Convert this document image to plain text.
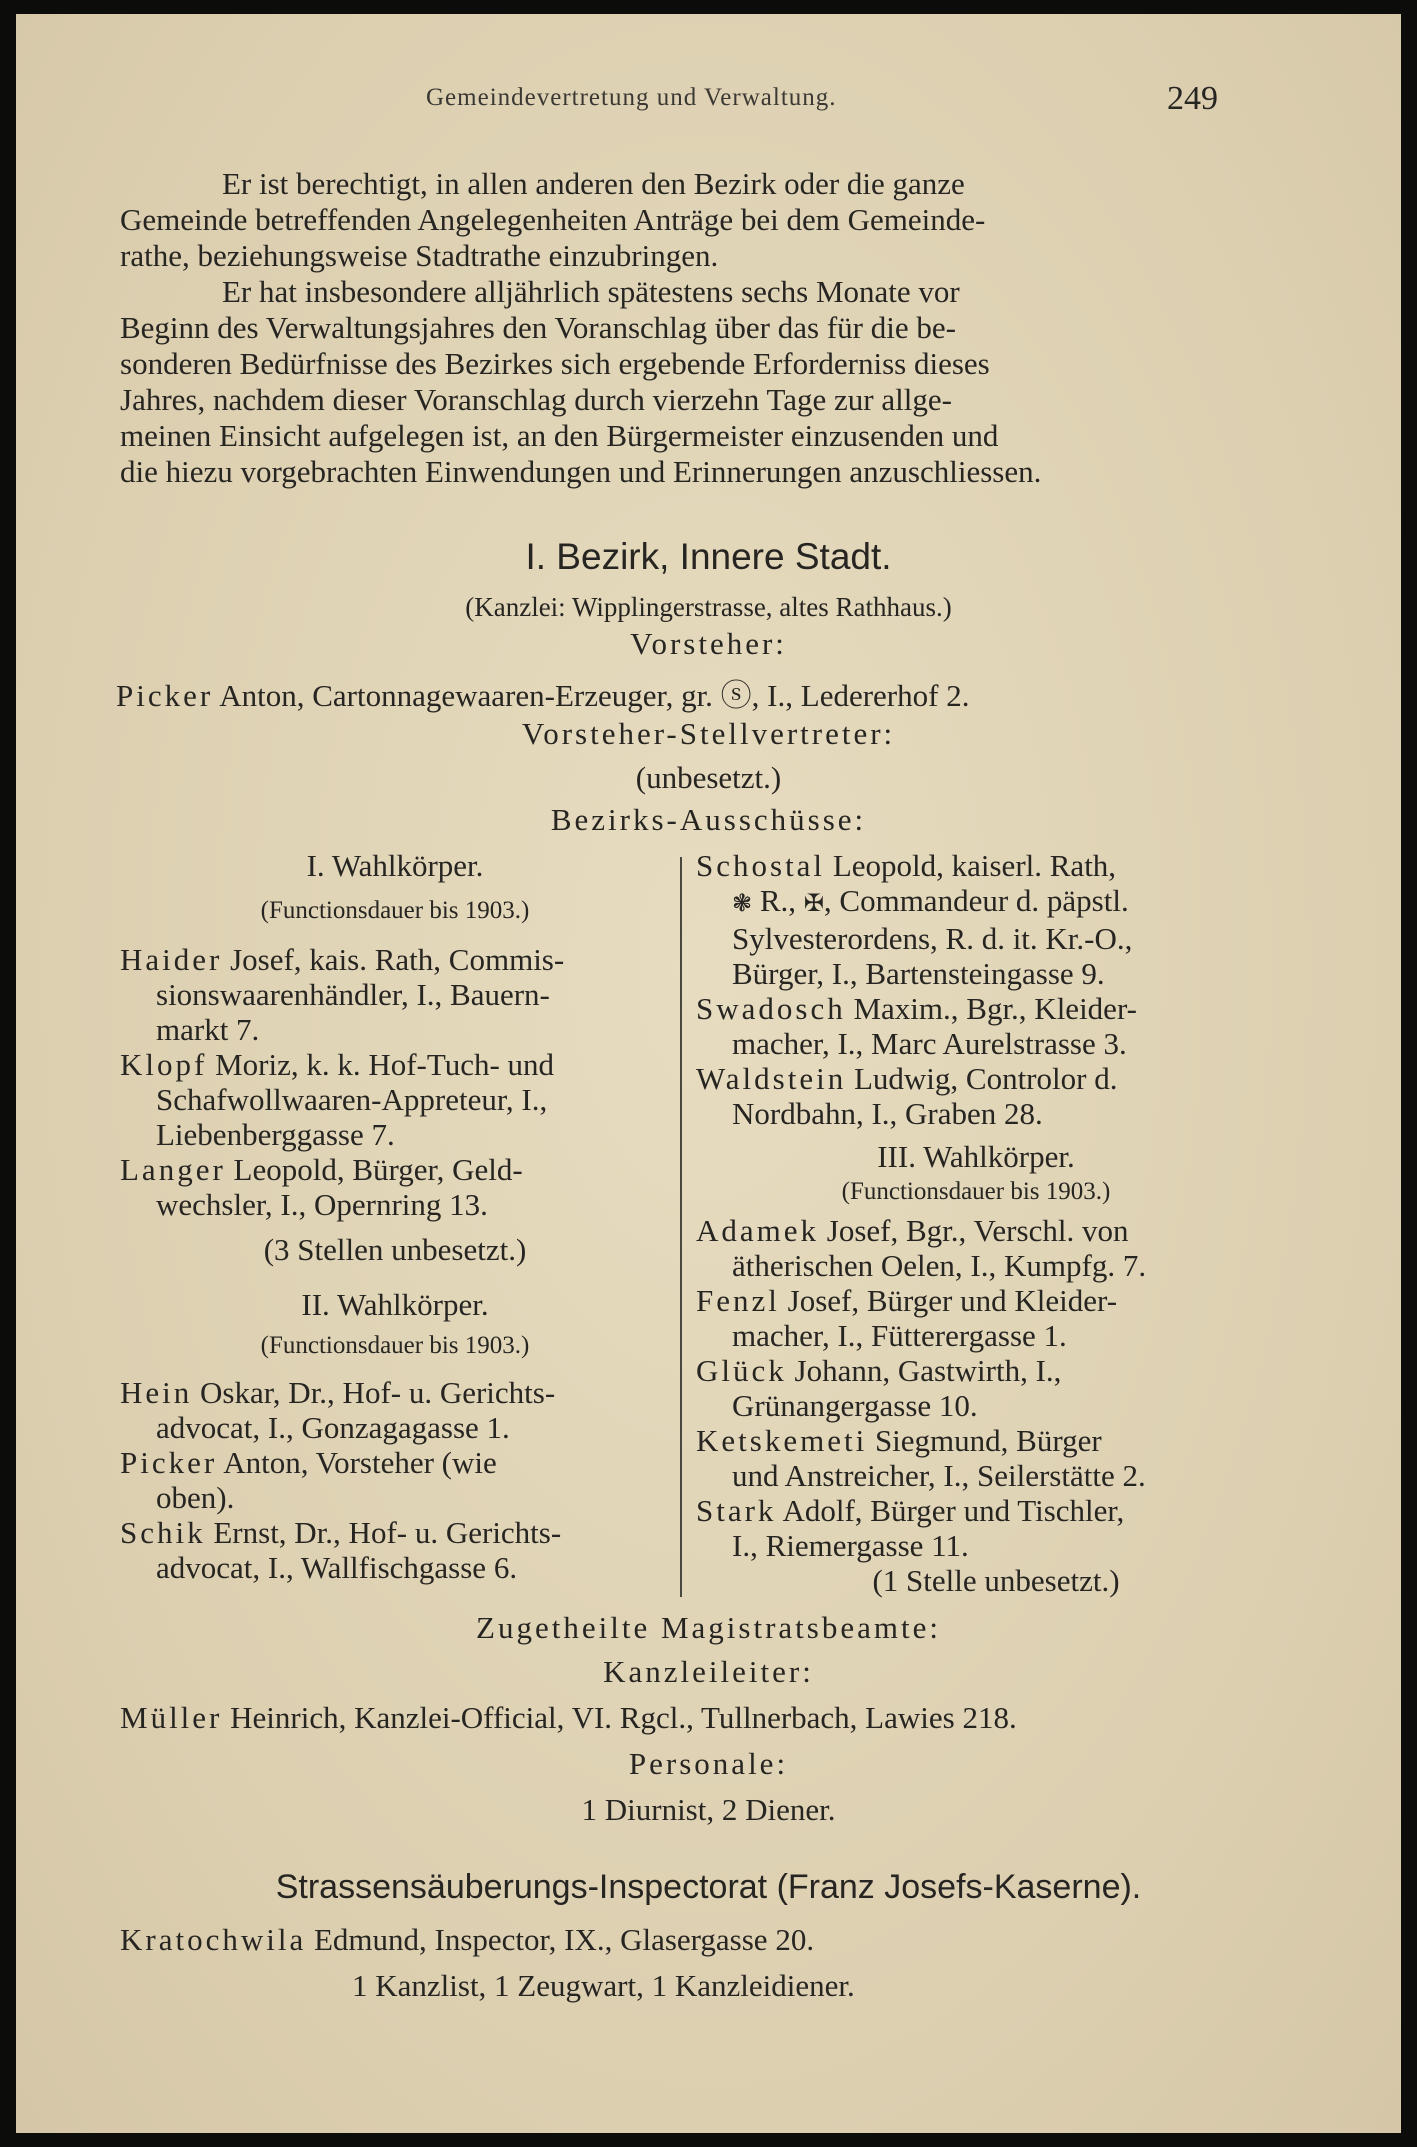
Gemeindevertretung und Verwaltung.	249
Er ist berechtigt, in allen anderen den Bezirk oder die ganze
Gemeinde betreffenden Angelegenheiten Anträge bei dem Gemeinde-
rathe, beziehungsweise Stadtrathe einzubringen.
Er hat insbesondere alljährlich spätestens sechs Monate vor
Beginn des Verwaltungsjahres den Voranschlag über das für die be-
sonderen Bedürfnisse des Bezirkes sich ergebende Erforderniss dieses
Jahres, nachdem dieser Voranschlag durch vierzehn Tage zur allge-
meinen Einsicht aufgelegen ist, an den Bürgermeister einzusenden und
die hiezu vorgebrachten Einwendungen und Erinnerungen anzuschliessen.
I. Bezirk, Innere Stadt.
(Kanzlei: Wipplingerstrasse, altes Rathhaus.)
Vorsteher:
Picker Anton, Cartonnagewaaren-Erzeuger, gr. ⓢ, I., Ledererhof 2.
Vorsteher-Stellvertreter:
(unbesetzt.)
Bezirks-Ausschüsse:

I. Wahlkörper.

(Functionsdauer bis 1903.)

Haider Josef, kais. Rath, Commis-
sionswaarenhändler, I., Bauern-
markt 7.

Klopf Moriz, k. k. Hof-Tuch- und
Schafwollwaaren-Appreteur, I.,
Liebenberggasse 7.

Langer Leopold, Bürger, Geld-
wechsler, I., Opernring 13.

(3 Stellen unbesetzt.)

II. Wahlkörper.

(Functionsdauer bis 1903.)

Hein Oskar, Dr., Hof- u. Gerichts-
advocat, I., Gonzagagasse 1.

Picker Anton, Vorsteher (wie
oben).

Schik Ernst, Dr., Hof- u. Gerichts-
advocat, I., Wallfischgasse 6.

Schostal Leopold, kaiserl. Rath,
❃ R., ✠, Commandeur d. päpstl.
Sylvesterordens, R. d. it. Kr.-O.,
Bürger, I., Bartensteingasse 9.

Swadosch Maxim., Bgr., Kleider-
macher, I., Marc Aurelstrasse 3.

Waldstein Ludwig, Controlor d.
Nordbahn, I., Graben 28.

III. Wahlkörper.

(Functionsdauer bis 1903.)

Adamek Josef, Bgr., Verschl. von
ätherischen Oelen, I., Kumpfg. 7.

Fenzl Josef, Bürger und Kleider-
macher, I., Fütterergasse 1.

Glück Johann, Gastwirth, I.,
Grünangergasse 10.

Ketskemeti Siegmund, Bürger
und Anstreicher, I., Seilerstätte 2.

Stark Adolf, Bürger und Tischler,
I., Riemergasse 11.

(1 Stelle unbesetzt.)

Zugetheilte Magistratsbeamte:
Kanzleileiter:
Müller Heinrich, Kanzlei-Official, VI. Rgcl., Tullnerbach, Lawies 218.
Personale:
1 Diurnist, 2 Diener.
Strassensäuberungs-Inspectorat (Franz Josefs-Kaserne).
Kratochwila Edmund, Inspector, IX., Glasergasse 20.
1 Kanzlist, 1 Zeugwart, 1 Kanzleidiener.
